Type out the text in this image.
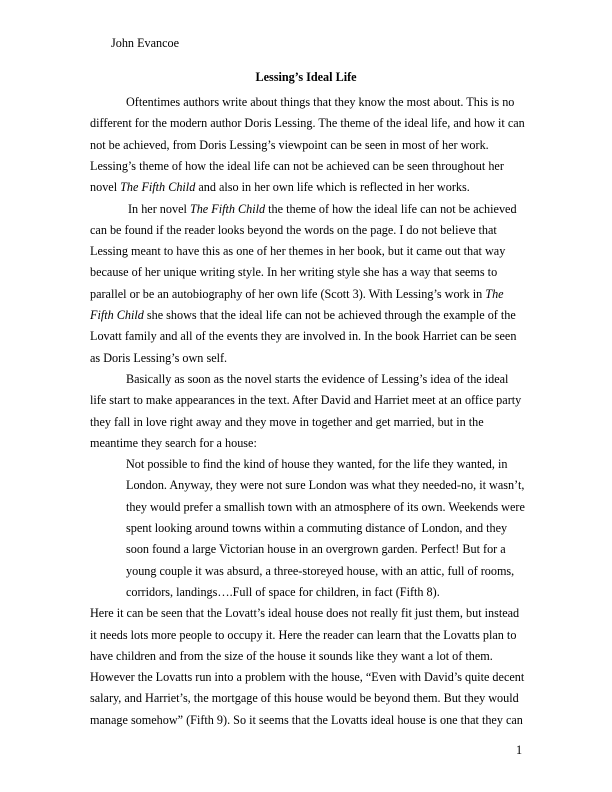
John Evancoe
Lessing’s Ideal Life
Oftentimes authors write about things that they know the most about. This is no
different for the modern author Doris Lessing. The theme of the ideal life, and how it can
not be achieved, from Doris Lessing’s viewpoint can be seen in most of her work.
Lessing’s theme of how the ideal life can not be achieved can be seen throughout her
novel The Fifth Child and also in her own life which is reflected in her works.
In her novel The Fifth Child the theme of how the ideal life can not be achieved
can be found if the reader looks beyond the words on the page. I do not believe that
Lessing meant to have this as one of her themes in her book, but it came out that way
because of her unique writing style. In her writing style she has a way that seems to
parallel or be an autobiography of her own life (Scott 3). With Lessing’s work in The
Fifth Child she shows that the ideal life can not be achieved through the example of the
Lovatt family and all of the events they are involved in. In the book Harriet can be seen
as Doris Lessing’s own self.
Basically as soon as the novel starts the evidence of Lessing’s idea of the ideal
life start to make appearances in the text. After David and Harriet meet at an office party
they fall in love right away and they move in together and get married, but in the
meantime they search for a house:
Not possible to find the kind of house they wanted, for the life they wanted, in
London. Anyway, they were not sure London was what they needed-no, it wasn’t,
they would prefer a smallish town with an atmosphere of its own. Weekends were
spent looking around towns within a commuting distance of London, and they
soon found a large Victorian house in an overgrown garden. Perfect! But for a
young couple it was absurd, a three-storeyed house, with an attic, full of rooms,
corridors, landings….Full of space for children, in fact (Fifth 8).
Here it can be seen that the Lovatt’s ideal house does not really fit just them, but instead
it needs lots more people to occupy it. Here the reader can learn that the Lovatts plan to
have children and from the size of the house it sounds like they want a lot of them.
1
However the Lovatts run into a problem with the house, “Even with David’s quite decent
salary, and Harriet’s, the mortgage of this house would be beyond them. But they would
manage somehow” (Fifth 9). So it seems that the Lovatts ideal house is one that they can
